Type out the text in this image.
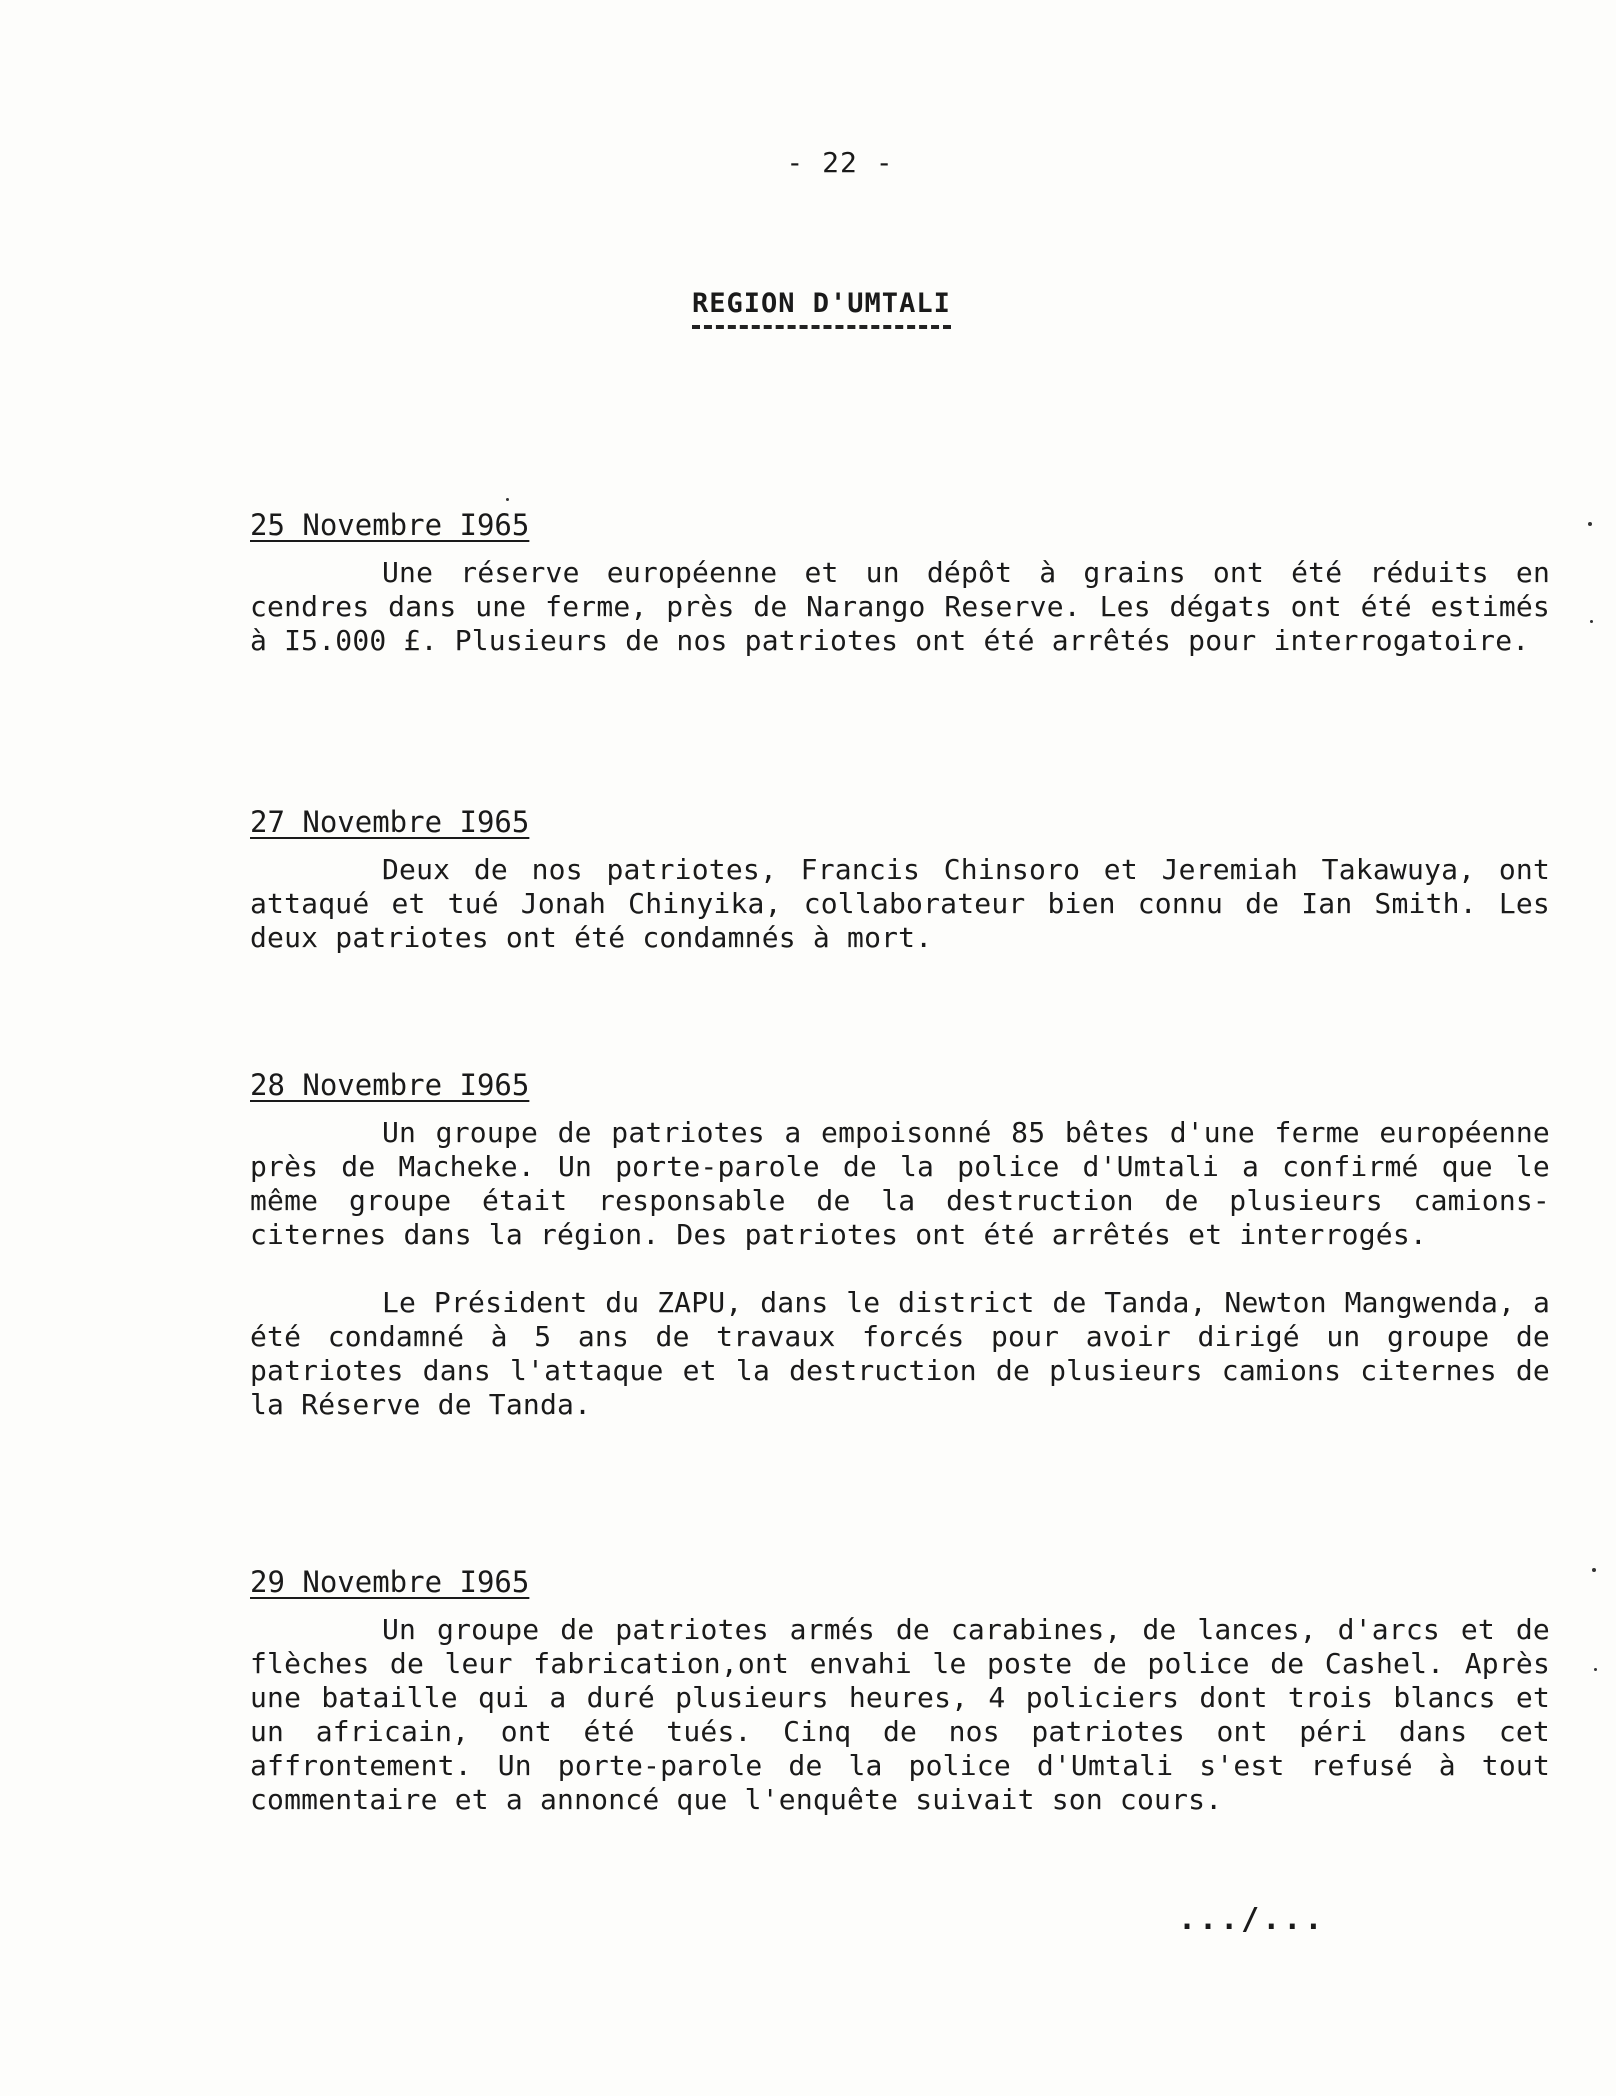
- 22 -
REGION D'UMTALI
25 Novembre I965

Une réserve européenne et un dépôt à grains ont été réduits en cendres dans une ferme, près de Narango Reserve. Les dégats ont été estimés à I5.000 £. Plusieurs de nos patriotes ont été arrêtés pour interrogatoire.

27 Novembre I965

Deux de nos patriotes, Francis Chinsoro et Jeremiah Takawuya, ont attaqué et tué Jonah Chinyika, collaborateur bien connu de Ian Smith. Les deux patriotes ont été condamnés à mort.

28 Novembre I965

Un groupe de patriotes a empoisonné 85 bêtes d'une ferme européenne près de Macheke. Un porte-parole de la police d'Umtali a confirmé que le même groupe était responsable de la destruction de plusieurs camions-citernes dans la région. Des patriotes ont été arrêtés et interrogés.

Le Président du ZAPU, dans le district de Tanda, Newton Mangwenda, a été condamné à 5 ans de travaux forcés pour avoir dirigé un groupe de patriotes dans l'attaque et la destruction de plusieurs camions citernes de la Réserve de Tanda.

29 Novembre I965

Un groupe de patriotes armés de carabines, de lances, d'arcs et de flèches de leur fabrication,ont envahi le poste de police de Cashel. Après une bataille qui a duré plusieurs heures, 4 policiers dont trois blancs et un africain, ont été tués. Cinq de nos patriotes ont péri dans cet affrontement. Un porte-parole de la police d'Umtali s'est refusé à tout commentaire et a annoncé que l'enquête suivait son cours.

.../...
